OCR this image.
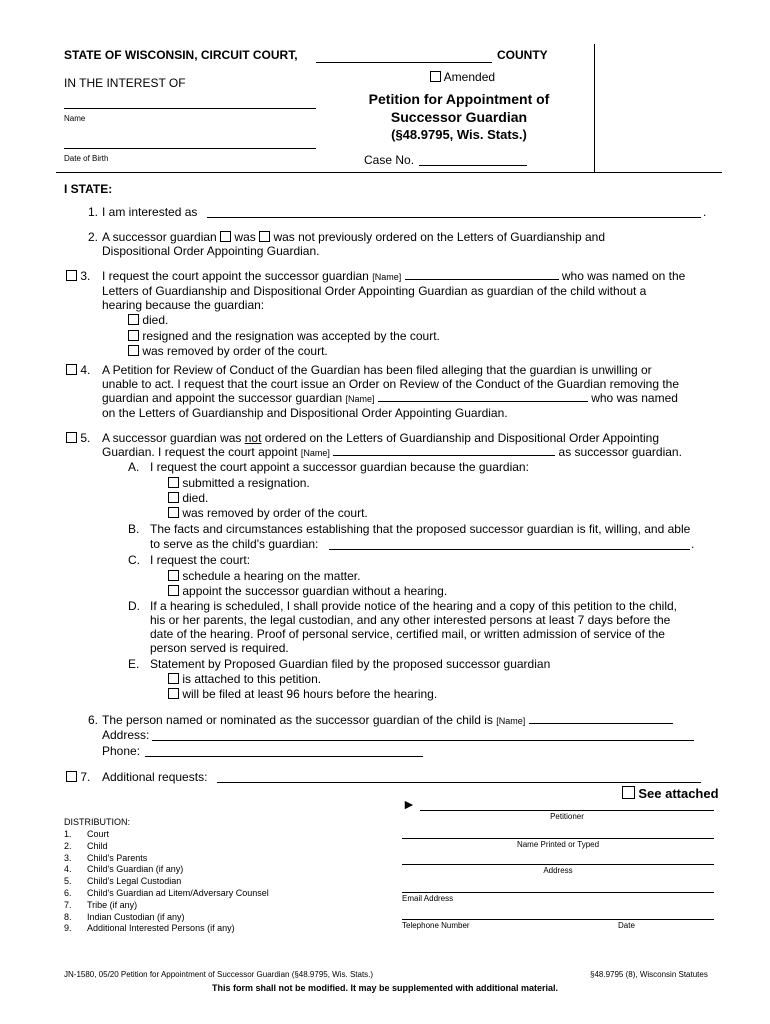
STATE OF WISCONSIN, CIRCUIT COURT,	COUNTY
IN THE INTEREST OF
Name
Date of Birth
Amended
Petition for Appointment of
Successor Guardian
(§48.9795, Wis. Stats.)
Case No.
I STATE:
1. I am interested as	.
2. A successor guardian was was not previously ordered on the Letters of Guardianship and
Dispositional Order Appointing Guardian.
3. I request the court appoint the successor guardian [Name]	who was named on the
Letters of Guardianship and Dispositional Order Appointing Guardian as guardian of the child without a
hearing because the guardian:
died.
resigned and the resignation was accepted by the court.
was removed by order of the court.
4. A Petition for Review of Conduct of the Guardian has been filed alleging that the guardian is unwilling or
unable to act. I request that the court issue an Order on Review of the Conduct of the Guardian removing the
guardian and appoint the successor guardian [Name]	who was named
on the Letters of Guardianship and Dispositional Order Appointing Guardian.
5. A successor guardian was not ordered on the Letters of Guardianship and Dispositional Order Appointing
Guardian. I request the court appoint [Name]	as successor guardian.
A. I request the court appoint a successor guardian because the guardian:
submitted a resignation.
died.
was removed by order of the court.
B. The facts and circumstances establishing that the proposed successor guardian is fit, willing, and able
to serve as the child's guardian:	.
C. I request the court:
schedule a hearing on the matter.
appoint the successor guardian without a hearing.
D. If a hearing is scheduled, I shall provide notice of the hearing and a copy of this petition to the child,
his or her parents, the legal custodian, and any other interested persons at least 7 days before the
date of the hearing. Proof of personal service, certified mail, or written admission of service of the
person served is required.
E. Statement by Proposed Guardian filed by the proposed successor guardian
is attached to this petition.
will be filed at least 96 hours before the hearing.
6. The person named or nominated as the successor guardian of the child is [Name]
Address:
Phone:
7. Additional requests:
See attached
►
Petitioner
Name Printed or Typed
Address
Email Address
Telephone Number	Date
DISTRIBUTION:
1. Court
2. Child
3. Child's Parents
4. Child's Guardian (if any)
5. Child's Legal Custodian
6. Child's Guardian ad Litem/Adversary Counsel
7. Tribe (if any)
8. Indian Custodian (if any)
9. Additional Interested Persons (if any)
JN-1580, 05/20 Petition for Appointment of Successor Guardian (§48.9795, Wis. Stats.)	§48.9795 (8), Wisconsin Statutes
This form shall not be modified. It may be supplemented with additional material.
